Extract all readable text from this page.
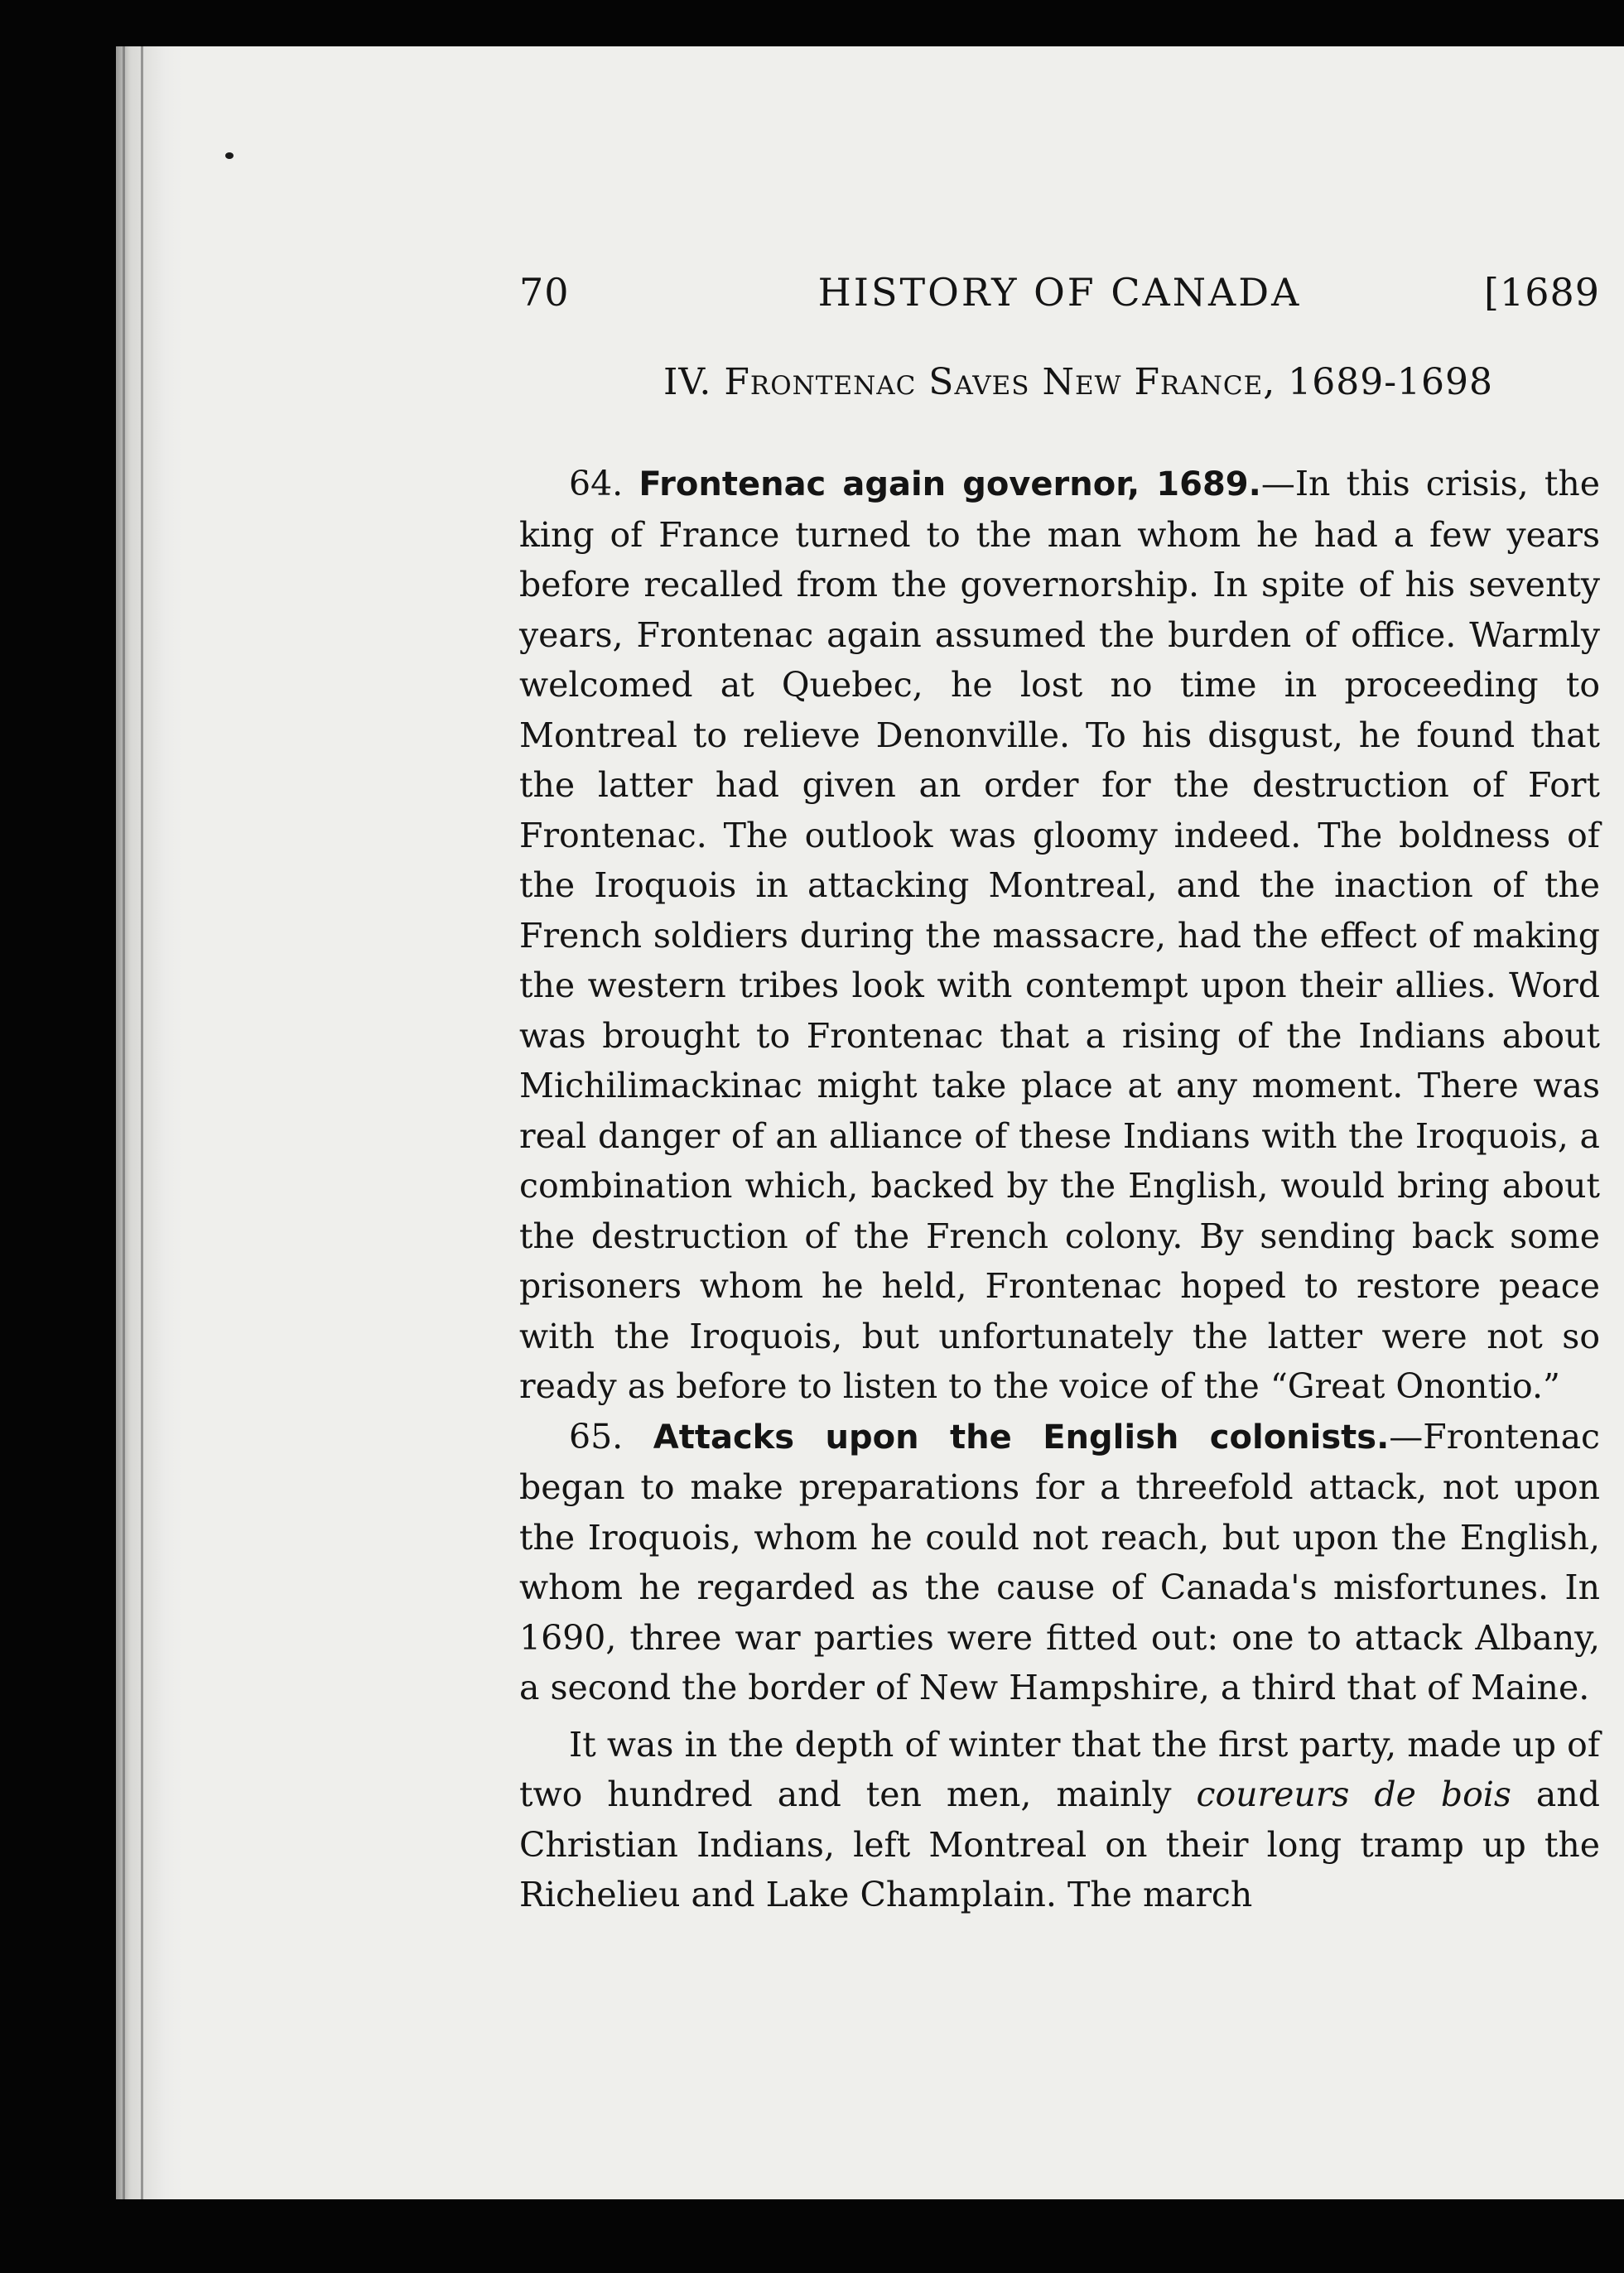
70	HISTORY OF CANADA	[1689
IV. Frontenac Saves New France, 1689-1698

64. Frontenac again governor, 1689.—In this crisis, the king of France turned to the man whom he had a few years before recalled from the governorship. In spite of his seventy years, Frontenac again assumed the burden of office. Warmly welcomed at Quebec, he lost no time in proceeding to Montreal to relieve Denonville. To his disgust, he found that the latter had given an order for the destruction of Fort Frontenac. The outlook was gloomy indeed. The boldness of the Iroquois in attacking Montreal, and the inaction of the French soldiers during the massacre, had the effect of making the western tribes look with contempt upon their allies. Word was brought to Frontenac that a rising of the Indians about Michilimackinac might take place at any moment. There was real danger of an alliance of these Indians with the Iroquois, a combination which, backed by the English, would bring about the destruction of the French colony. By sending back some prisoners whom he held, Frontenac hoped to restore peace with the Iroquois, but unfortunately the latter were not so ready as before to listen to the voice of the “Great Onontio.”

65. Attacks upon the English colonists.—Frontenac began to make preparations for a threefold attack, not upon the Iroquois, whom he could not reach, but upon the English, whom he regarded as the cause of Canada's misfortunes. In 1690, three war parties were fitted out: one to attack Albany, a second the border of New Hampshire, a third that of Maine.

It was in the depth of winter that the first party, made up of two hundred and ten men, mainly coureurs de bois and Christian Indians, left Montreal on their long tramp up the Richelieu and Lake Champlain. The march
